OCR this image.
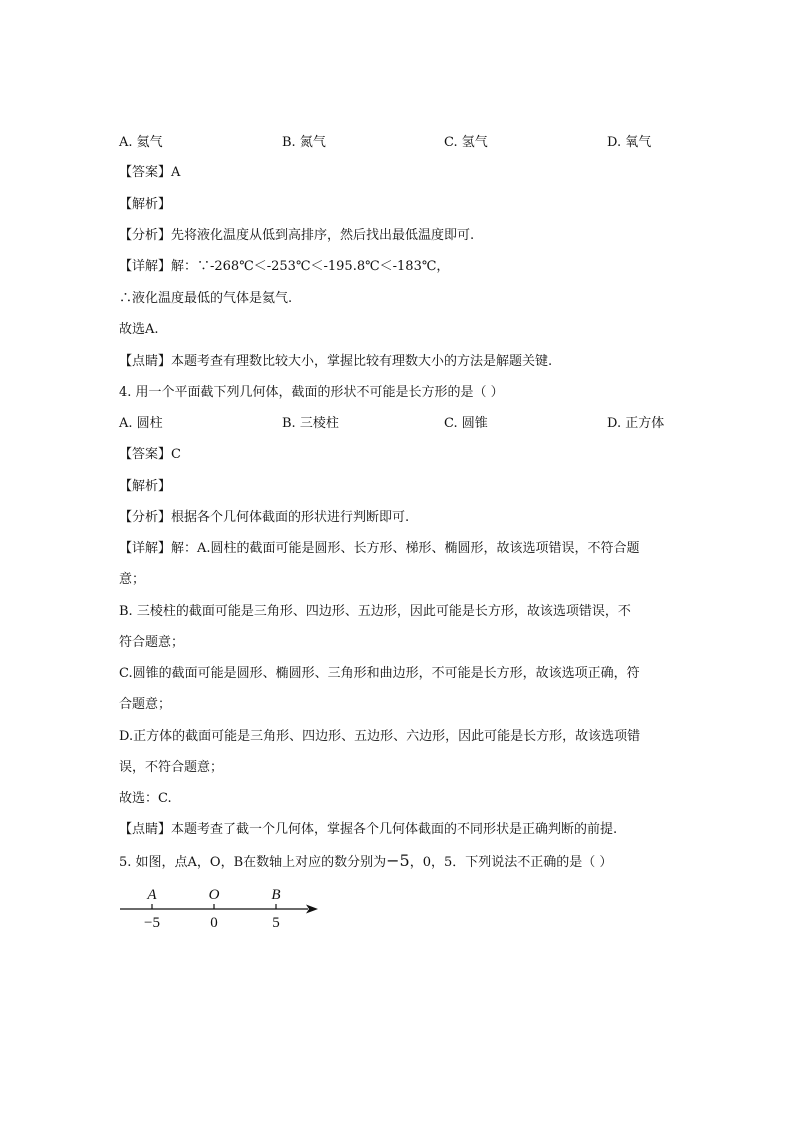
A. 氦气	B. 氮气	C. 氢气	D. 氧气
【答案】A
【解析】
【分析】先将液化温度从低到高排序，然后找出最低温度即可.
【详解】解：∵-268℃＜-253℃＜-195.8℃＜-183℃，
∴液化温度最低的气体是氦气.
故选A.
【点睛】本题考查有理数比较大小，掌握比较有理数大小的方法是解题关键.
4. 用一个平面截下列几何体，截面的形状不可能是长方形的是（ ）
A. 圆柱	B. 三棱柱	C. 圆锥	D. 正方体
【答案】C
【解析】
【分析】根据各个几何体截面的形状进行判断即可.
【详解】解：A.圆柱的截面可能是圆形、长方形、梯形、椭圆形，故该选项错误，不符合题
意；
B. 三棱柱的截面可能是三角形、四边形、五边形，因此可能是长方形，故该选项错误，不
符合题意；
C.圆锥的截面可能是圆形、椭圆形、三角形和曲边形，不可能是长方形，故该选项正确，符
合题意；
D.正方体的截面可能是三角形、四边形、五边形、六边形，因此可能是长方形，故该选项错
误，不符合题意；
故选：C.
【点睛】本题考查了截一个几何体，掌握各个几何体截面的不同形状是正确判断的前提.
5. 如图，点A，O，B在数轴上对应的数分别为−5，0，5．下列说法不正确的是（ ）
A
−5
O
0
B
5
